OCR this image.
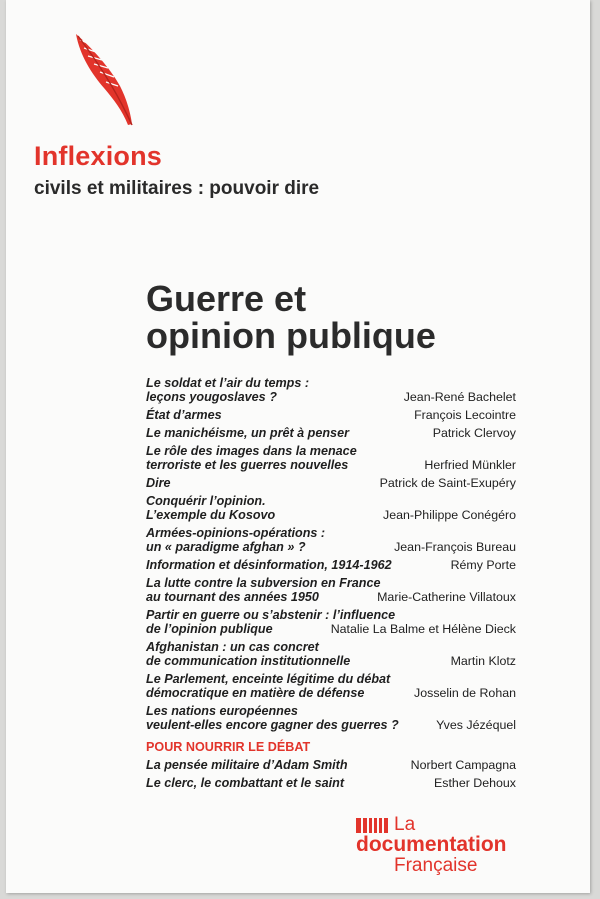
Inflexions
civils et militaires : pouvoir dire
Guerre et
opinion publique
Le soldat et l’air du temps :
leçons yougoslaves ?	Jean-René Bachelet
État d’armes	François Lecointre
Le manichéisme, un prêt à penser	Patrick Clervoy
Le rôle des images dans la menace
terroriste et les guerres nouvelles	Herfried Münkler
Dire	Patrick de Saint-Exupéry
Conquérir l’opinion.
L’exemple du Kosovo	Jean-Philippe Conégéro
Armées-opinions-opérations :
un « paradigme afghan » ?	Jean-François Bureau
Information et désinformation, 1914-1962	Rémy Porte
La lutte contre la subversion en France
au tournant des années 1950	Marie-Catherine Villatoux
Partir en guerre ou s’abstenir : l’influence
de l’opinion publique	Natalie La Balme et Hélène Dieck
Afghanistan : un cas concret
de communication institutionnelle	Martin Klotz
Le Parlement, enceinte légitime du débat
démocratique en matière de défense	Josselin de Rohan
Les nations européennes
veulent-elles encore gagner des guerres ?	Yves Jézéquel
POUR NOURRIR LE DÉBAT
La pensée militaire d’Adam Smith	Norbert Campagna
Le clerc, le combattant et le saint	Esther Dehoux
La
documentation
Française
